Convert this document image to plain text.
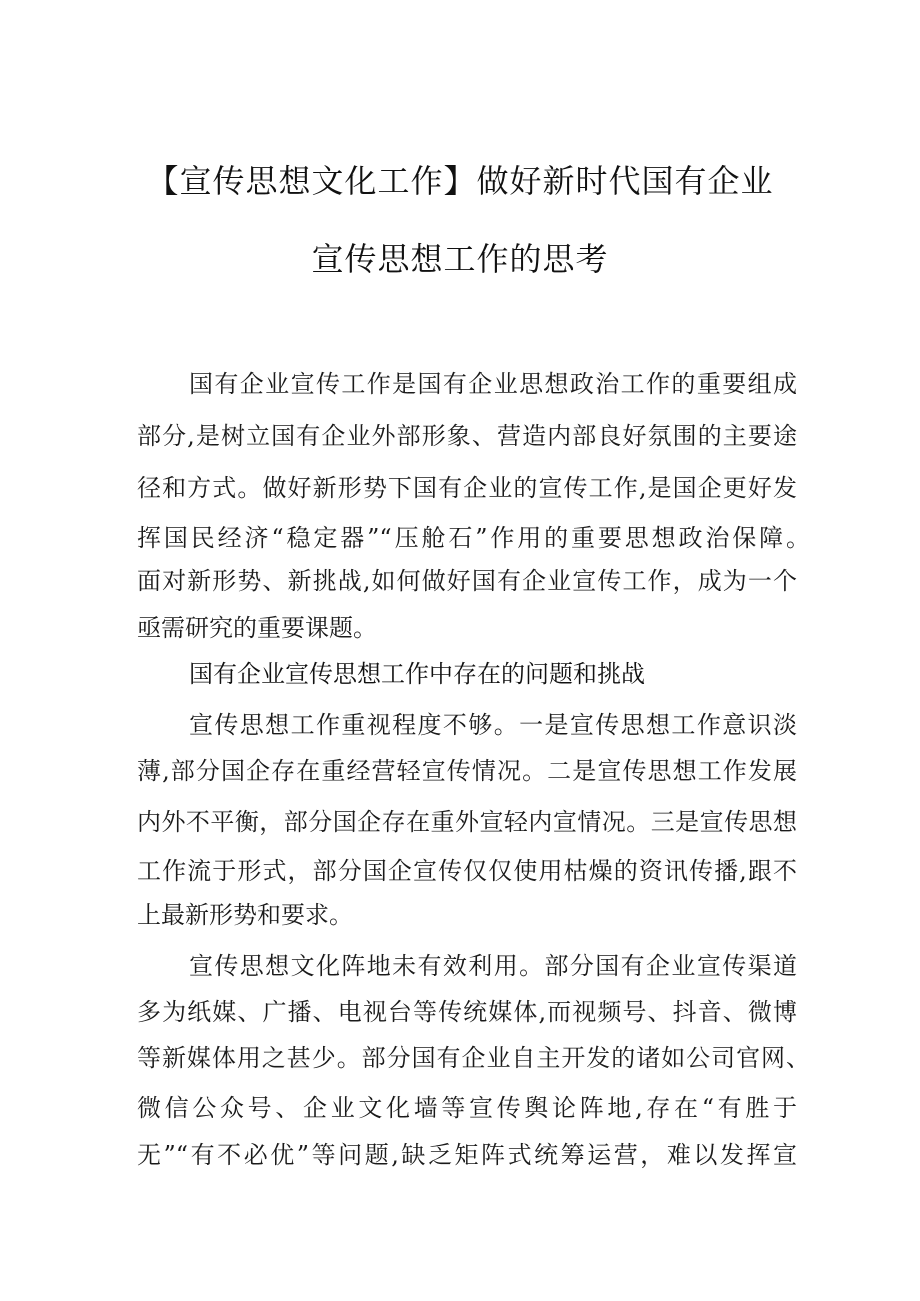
【宣传思想文化工作】做好新时代国有企业
宣传思想工作的思考
国有企业宣传工作是国有企业思想政治工作的重要组成
部分,是树立国有企业外部形象、营造内部良好氛围的主要途
径和方式。做好新形势下国有企业的宣传工作,是国企更好发
挥国民经济“稳定器”“压舱石”作用的重要思想政治保障。
面对新形势、新挑战,如何做好国有企业宣传工作，成为一个
亟需研究的重要课题。
国有企业宣传思想工作中存在的问题和挑战
宣传思想工作重视程度不够。一是宣传思想工作意识淡
薄,部分国企存在重经营轻宣传情况。二是宣传思想工作发展
内外不平衡，部分国企存在重外宣轻内宣情况。三是宣传思想
工作流于形式，部分国企宣传仅仅使用枯燥的资讯传播,跟不
上最新形势和要求。
宣传思想文化阵地未有效利用。部分国有企业宣传渠道
多为纸媒、广播、电视台等传统媒体,而视频号、抖音、微博
等新媒体用之甚少。部分国有企业自主开发的诸如公司官网、
微信公众号、企业文化墙等宣传舆论阵地,存在“有胜于
无”“有不必优”等问题,缺乏矩阵式统筹运营，难以发挥宣
